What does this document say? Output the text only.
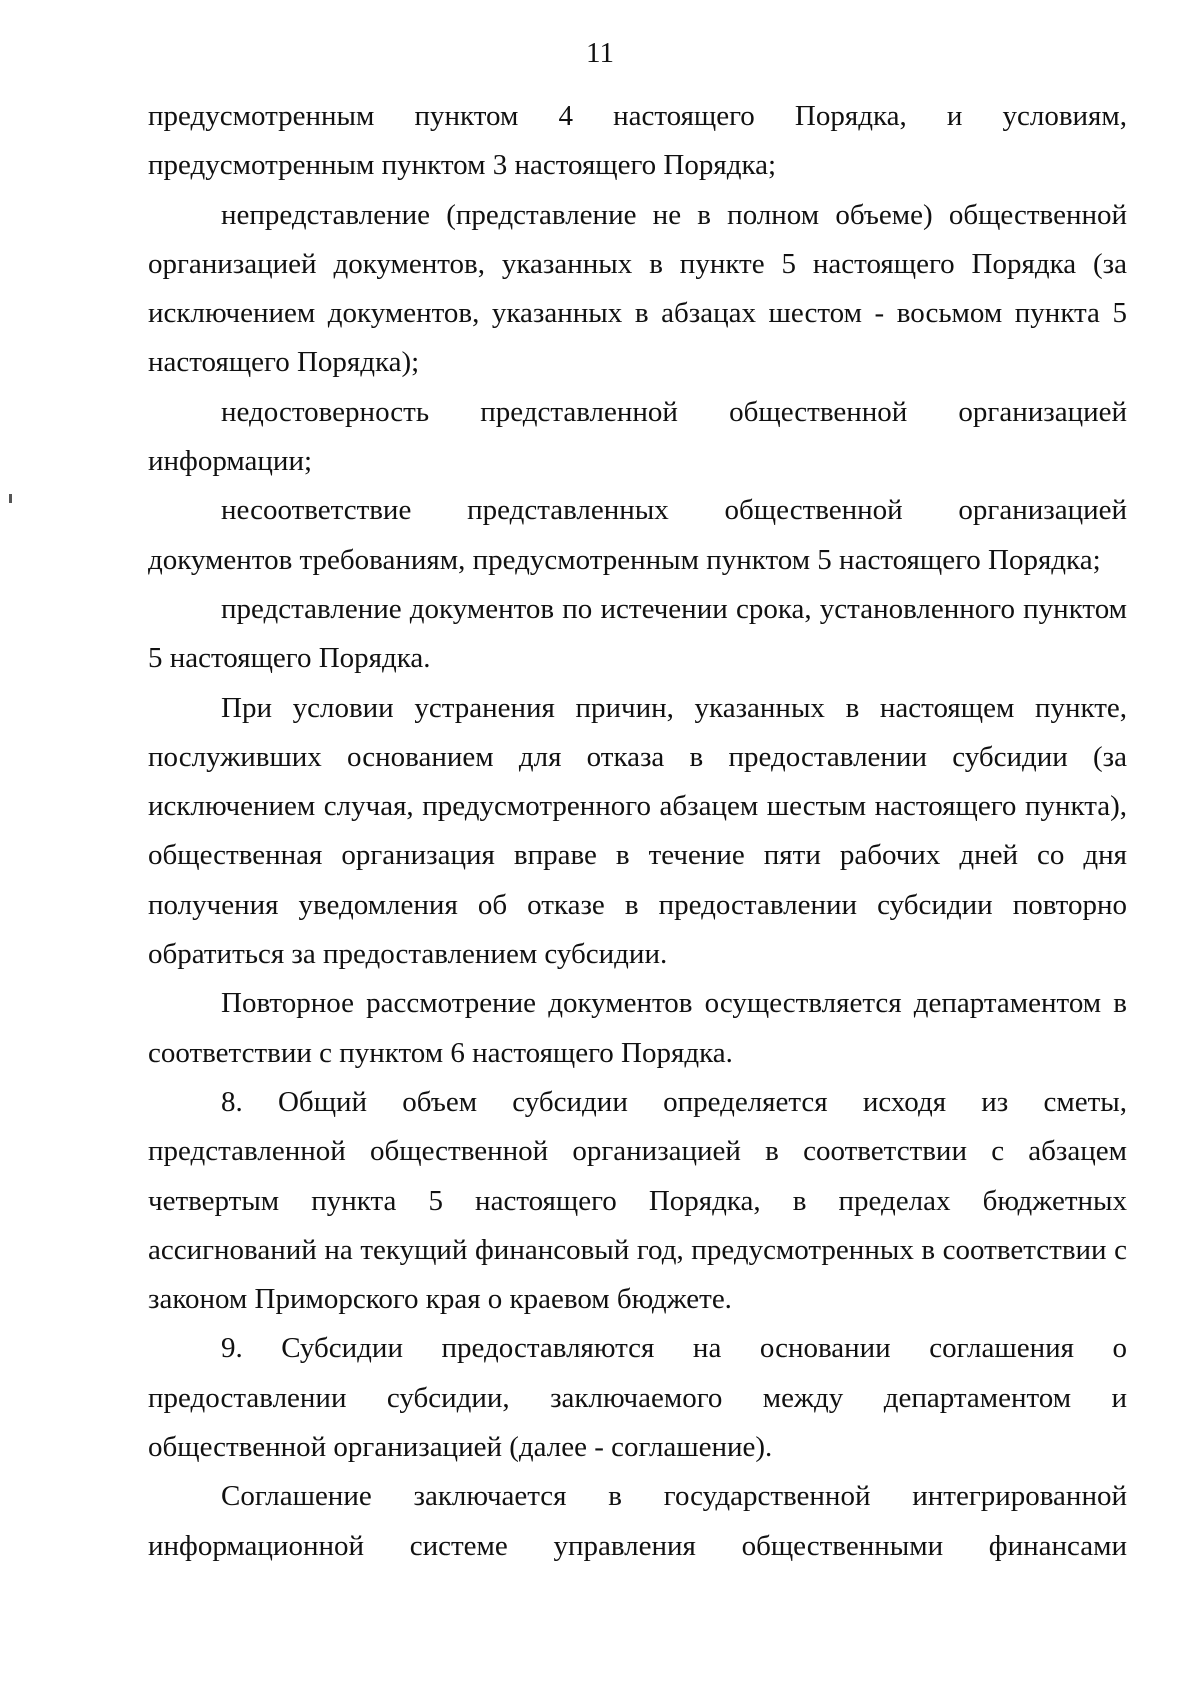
11

предусмотренным пунктом 4 настоящего Порядка, и условиям, предусмотренным пунктом 3 настоящего Порядка;

непредставление (представление не в полном объеме) общественной организацией документов, указанных в пункте 5 настоящего Порядка (за исключением документов, указанных в абзацах шестом - восьмом пункта 5 настоящего Порядка);

недостоверность представленной общественной организацией информации;

несоответствие представленных общественной организацией документов требованиям, предусмотренным пунктом 5 настоящего Порядка;

представление документов по истечении срока, установленного пунктом 5 настоящего Порядка.

При условии устранения причин, указанных в настоящем пункте, послуживших основанием для отказа в предоставлении субсидии (за исключением случая, предусмотренного абзацем шестым настоящего пункта), общественная организация вправе в течение пяти рабочих дней со дня получения уведомления об отказе в предоставлении субсидии повторно обратиться за предоставлением субсидии.

Повторное рассмотрение документов осуществляется департаментом в соответствии с пунктом 6 настоящего Порядка.

8. Общий объем субсидии определяется исходя из сметы, представленной общественной организацией в соответствии с абзацем четвертым пункта 5 настоящего Порядка, в пределах бюджетных ассигнований на текущий финансовый год, предусмотренных в соответствии с законом Приморского края о краевом бюджете.

9. Субсидии предоставляются на основании соглашения о предоставлении субсидии, заключаемого между департаментом и общественной организацией (далее - соглашение).

Соглашение заключается в государственной интегрированной информационной системе управления общественными финансами
